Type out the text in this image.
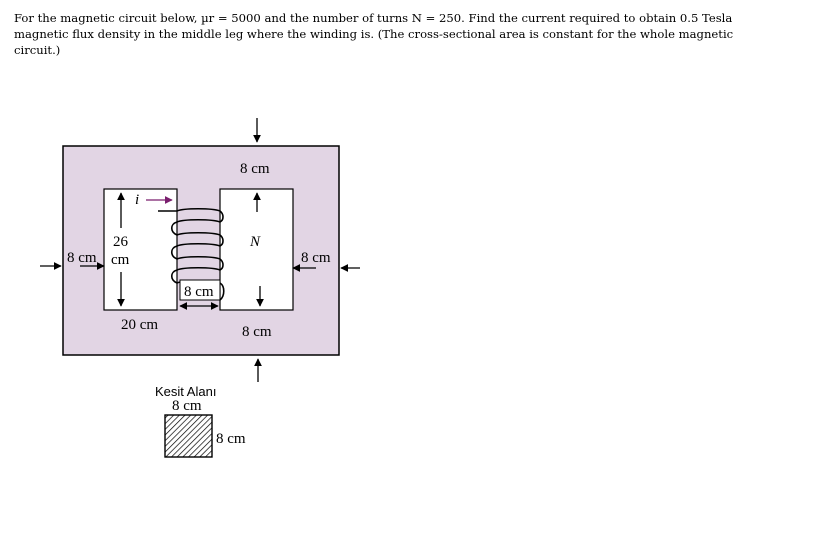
For the magnetic circuit below, µr = 5000 and the number of turns N = 250. Find the current required to obtain 0.5 Tesla
magnetic flux density in the middle leg where the winding is. (The cross-sectional area is constant for the whole magnetic
circuit.)
i
8 cm
N
8 cm
8 cm
26
cm	8 cm
8 cm
20 cm
Kesit Alanı
8 cm
8 cm
